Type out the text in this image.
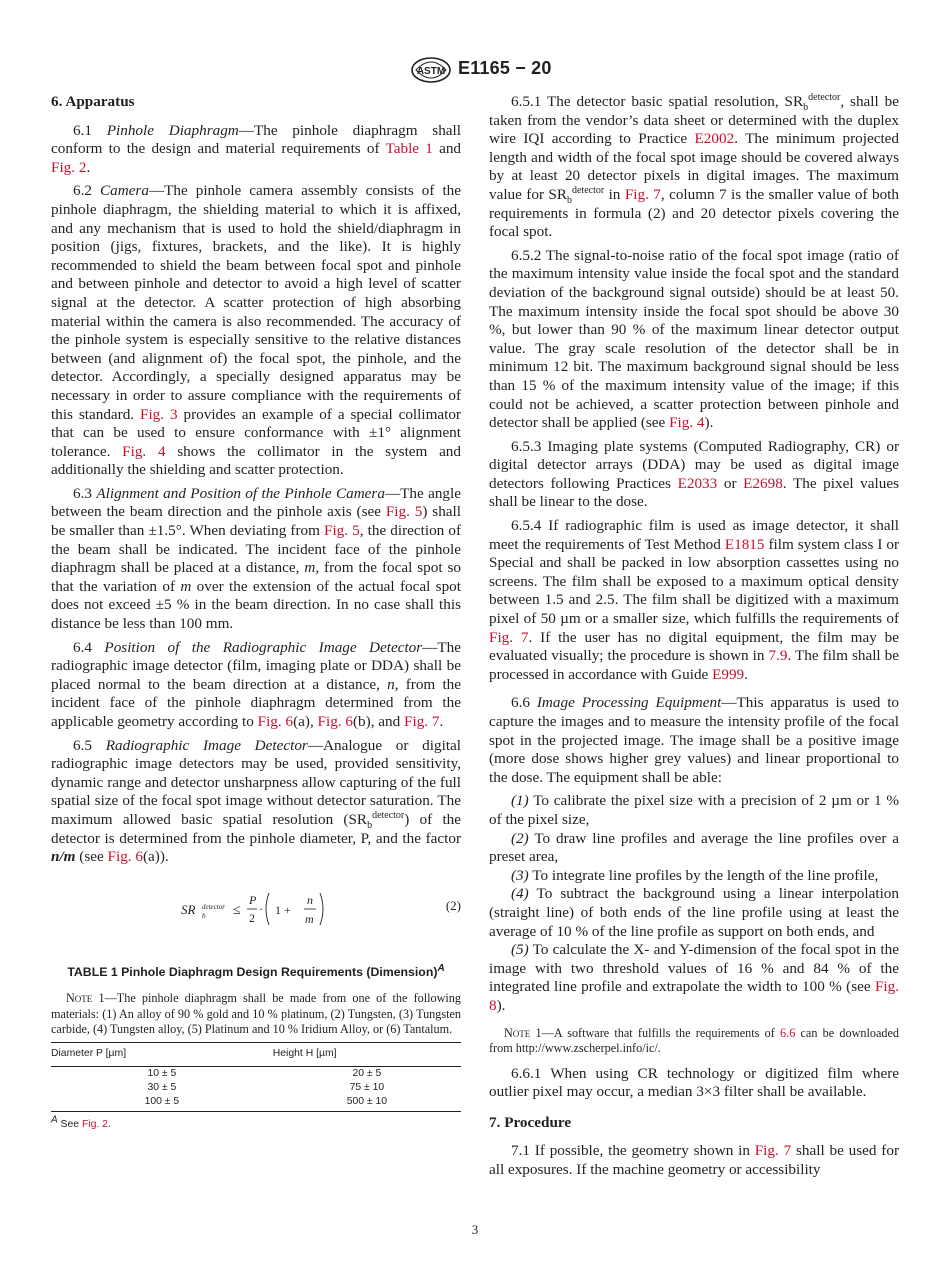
ASTM E1165 − 20
6. Apparatus

6.1 Pinhole Diaphragm—The pinhole diaphragm shall conform to the design and material requirements of Table 1 and Fig. 2.

6.2 Camera—The pinhole camera assembly consists of the pinhole diaphragm, the shielding material to which it is affixed, and any mechanism that is used to hold the shield/diaphragm in position (jigs, fixtures, brackets, and the like). It is highly recommended to shield the beam between focal spot and pinhole and between pinhole and detector to avoid a high level of scatter signal at the detector. A scatter protection of high absorbing material within the camera is also recommended. The accuracy of the pinhole system is especially sensitive to the relative distances between (and alignment of) the focal spot, the pinhole, and the detector. Accordingly, a specially designed apparatus may be necessary in order to assure compliance with the requirements of this standard. Fig. 3 provides an example of a special collimator that can be used to ensure conformance with ±1° alignment tolerance. Fig. 4 shows the collimator in the system and additionally the shielding and scatter protection.

6.3 Alignment and Position of the Pinhole Camera—The angle between the beam direction and the pinhole axis (see Fig. 5) shall be smaller than ±1.5°. When deviating from Fig. 5, the direction of the beam shall be indicated. The incident face of the pinhole diaphragm shall be placed at a distance, m, from the focal spot so that the variation of m over the extension of the actual focal spot does not exceed ±5 % in the beam direction. In no case shall this distance be less than 100 mm.

6.4 Position of the Radiographic Image Detector—The radiographic image detector (film, imaging plate or DDA) shall be placed normal to the beam direction at a distance, n, from the incident face of the pinhole diaphragm determined from the applicable geometry according to Fig. 6(a), Fig. 6(b), and Fig. 7.

6.5 Radiographic Image Detector—Analogue or digital radiographic image detectors may be used, provided sensitivity, dynamic range and detector unsharpness allow capturing of the full spatial size of the focal spot image without detector saturation. The maximum allowed basic spatial resolution $(SR_b^{detector})$ of the detector is determined from the pinhole diameter, P, and the factor n/m (see Fig. 6(a)).

SR detector
b ≤
P
2
· 1 +
n
m
(2)
TABLE 1 Pinhole Diaphragm Design Requirements (Dimension)$^A$
Note 1—The pinhole diaphragm shall be made from one of the following materials: (1) An alloy of 90 % gold and 10 % platinum, (2) Tungsten, (3) Tungsten carbide, (4) Tungsten alloy, (5) Platinum and 10 % Iridium Alloy, or (6) Tantalum.
Diameter P [µm]	Height H [µm]
10 ± 5	20 ± 5
30 ± 5	75 ± 10
100 ± 5	500 ± 10
$^A$ See Fig. 2.

6.5.1 The detector basic spatial resolution, $SR_b^{detector}$, shall be taken from the vendor’s data sheet or determined with the duplex wire IQI according to Practice E2002. The minimum projected length and width of the focal spot image should be covered always by at least 20 detector pixels in digital images. The maximum value for $SR_b^{detector}$ in Fig. 7, column 7 is the smaller value of both requirements in formula (2) and 20 detector pixels covering the focal spot.

6.5.2 The signal-to-noise ratio of the focal spot image (ratio of the maximum intensity value inside the focal spot and the standard deviation of the background signal outside) should be at least 50. The maximum intensity inside the focal spot should be above 30 %, but lower than 90 % of the maximum linear detector output value. The gray scale resolution of the detector shall be in minimum 12 bit. The maximum background signal should be less than 15 % of the maximum intensity value of the image; if this could not be achieved, a scatter protection between pinhole and detector shall be applied (see Fig. 4).

6.5.3 Imaging plate systems (Computed Radiography, CR) or digital detector arrays (DDA) may be used as digital image detectors following Practices E2033 or E2698. The pixel values shall be linear to the dose.

6.5.4 If radiographic film is used as image detector, it shall meet the requirements of Test Method E1815 film system class I or Special and shall be packed in low absorption cassettes using no screens. The film shall be exposed to a maximum optical density between 1.5 and 2.5. The film shall be digitized with a maximum pixel of 50 µm or a smaller size, which fulfills the requirements of Fig. 7. If the user has no digital equipment, the film may be evaluated visually; the procedure is shown in 7.9. The film shall be processed in accordance with Guide E999.

6.6 Image Processing Equipment—This apparatus is used to capture the images and to measure the intensity profile of the focal spot in the projected image. The image shall be a positive image (more dose shows higher grey values) and linear proportional to the dose. The equipment shall be able:

(1) To calibrate the pixel size with a precision of 2 µm or 1 % of the pixel size,

(2) To draw line profiles and average the line profiles over a preset area,

(3) To integrate line profiles by the length of the line profile,

(4) To subtract the background using a linear interpolation (straight line) of both ends of the line profile using at least the average of 10 % of the line profile as support on both ends, and

(5) To calculate the X- and Y-dimension of the focal spot in the image with two threshold values of 16 % and 84 % of the integrated line profile and extrapolate the width to 100 % (see Fig. 8).

Note 1—A software that fulfills the requirements of 6.6 can be downloaded from http://www.zscherpel.info/ic/.

6.6.1 When using CR technology or digitized film where outlier pixel may occur, a median 3×3 filter shall be available.

7. Procedure

7.1 If possible, the geometry shown in Fig. 7 shall be used for all exposures. If the machine geometry or accessibility

3
